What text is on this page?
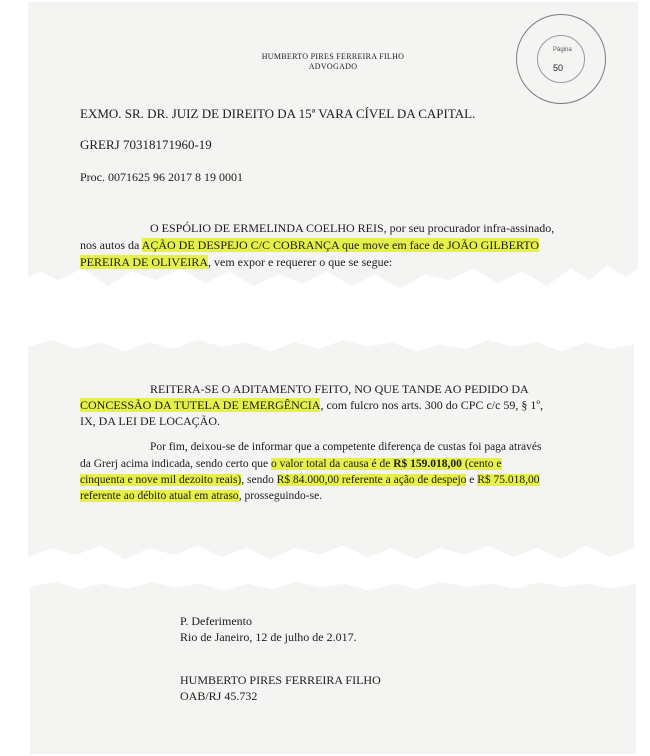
HUMBERTO PIRES FERREIRA FILHO
ADVOGADO
Página
50
EXMO. SR. DR. JUIZ DE DIREITO DA 15ª VARA CÍVEL DA CAPITAL.
GRERJ 70318171960-19
Proc. 0071625 96 2017 8 19 0001
O ESPÓLIO DE ERMELINDA COELHO REIS, por seu procurador infra-assinado,
nos autos da AÇÃO DE DESPEJO C/C COBRANÇA que move em face de JOÃO GILBERTO
PEREIRA DE OLIVEIRA, vem expor e requerer o que se segue:
REITERA-SE O ADITAMENTO FEITO, NO QUE TANDE AO PEDIDO DA
CONCESSÃO DA TUTELA DE EMERGÊNCIA, com fulcro nos arts. 300 do CPC c/c 59, § 1º,
IX, DA LEI DE LOCAÇÃO.
Por fim, deixou-se de informar que a competente diferença de custas foi paga através
da Grerj acima indicada, sendo certo que o valor total da causa é de R$ 159.018,00 (cento e
cinquenta e nove mil dezoito reais), sendo R$ 84.000,00 referente a ação de despejo e R$ 75.018,00
referente ao débito atual em atraso, prosseguindo-se.
P. Deferimento
Rio de Janeiro, 12 de julho de 2.017.
HUMBERTO PIRES FERREIRA FILHO
OAB/RJ 45.732
